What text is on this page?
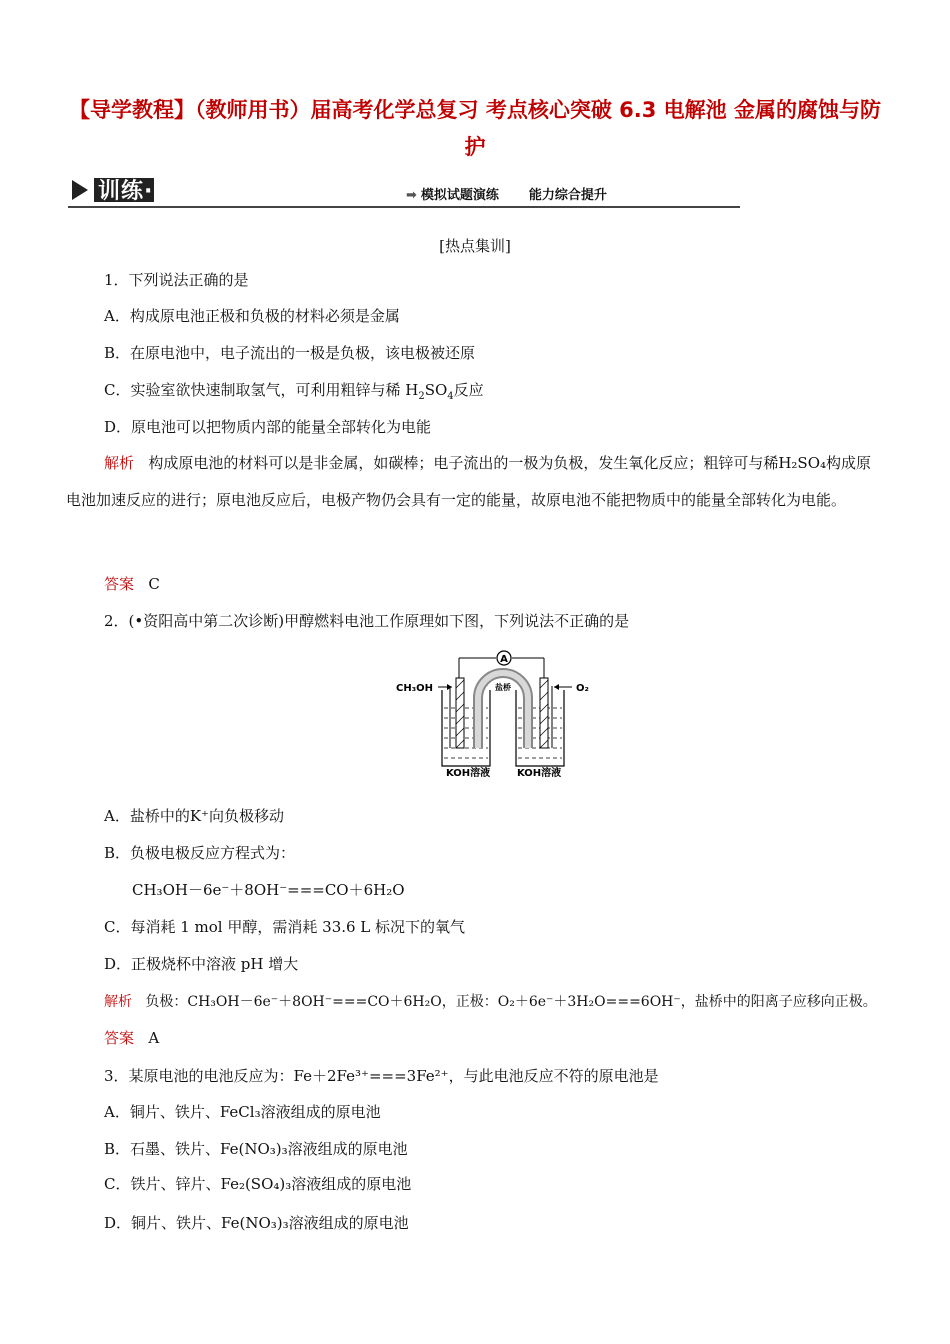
【导学教程】（教师用书）届高考化学总复习 考点核心突破 6.3 电解池 金属的腐蚀与防护
训练·高效提能	➡ 模拟试题演练 能力综合提升
[热点集训]
1．下列说法正确的是
A．构成原电池正极和负极的材料必须是金属
B．在原电池中，电子流出的一极是负极，该电极被还原
C．实验室欲快速制取氢气，可利用粗锌与稀 $H_2SO_4$反应
D．原电池可以把物质内部的能量全部转化为电能
解析 构成原电池的材料可以是非金属，如碳棒；电子流出的一极为负极，发生氧化反应；粗锌可与稀H₂SO₄构成原电池加速反应的进行；原电池反应后，电极产物仍会具有一定的能量，故原电池不能把物质中的能量全部转化为电能。
答案 C
2．(•资阳高中第二次诊断)甲醇燃料电池工作原理如下图，下列说法不正确的是
A
盐桥
CH₃OH	O₂
KOH溶液	KOH溶液
A．盐桥中的K⁺向负极移动
B．负极电极反应方程式为：
CH₃OH－6e⁻＋8OH⁻===CO＋6H₂O
C．每消耗 1 mol 甲醇，需消耗 33.6 L 标况下的氧气
D．正极烧杯中溶液 pH 增大
解析 负极：CH₃OH－6e⁻＋8OH⁻===CO＋6H₂O，正极：O₂＋6e⁻＋3H₂O===6OH⁻，盐桥中的阳离子应移向正极。
答案 A
3．某原电池的电池反应为：Fe＋2Fe³⁺===3Fe²⁺，与此电池反应不符的原电池是
A．铜片、铁片、FeCl₃溶液组成的原电池
B．石墨、铁片、Fe(NO₃)₃溶液组成的原电池
C．铁片、锌片、Fe₂(SO₄)₃溶液组成的原电池
D．铜片、铁片、Fe(NO₃)₃溶液组成的原电池
